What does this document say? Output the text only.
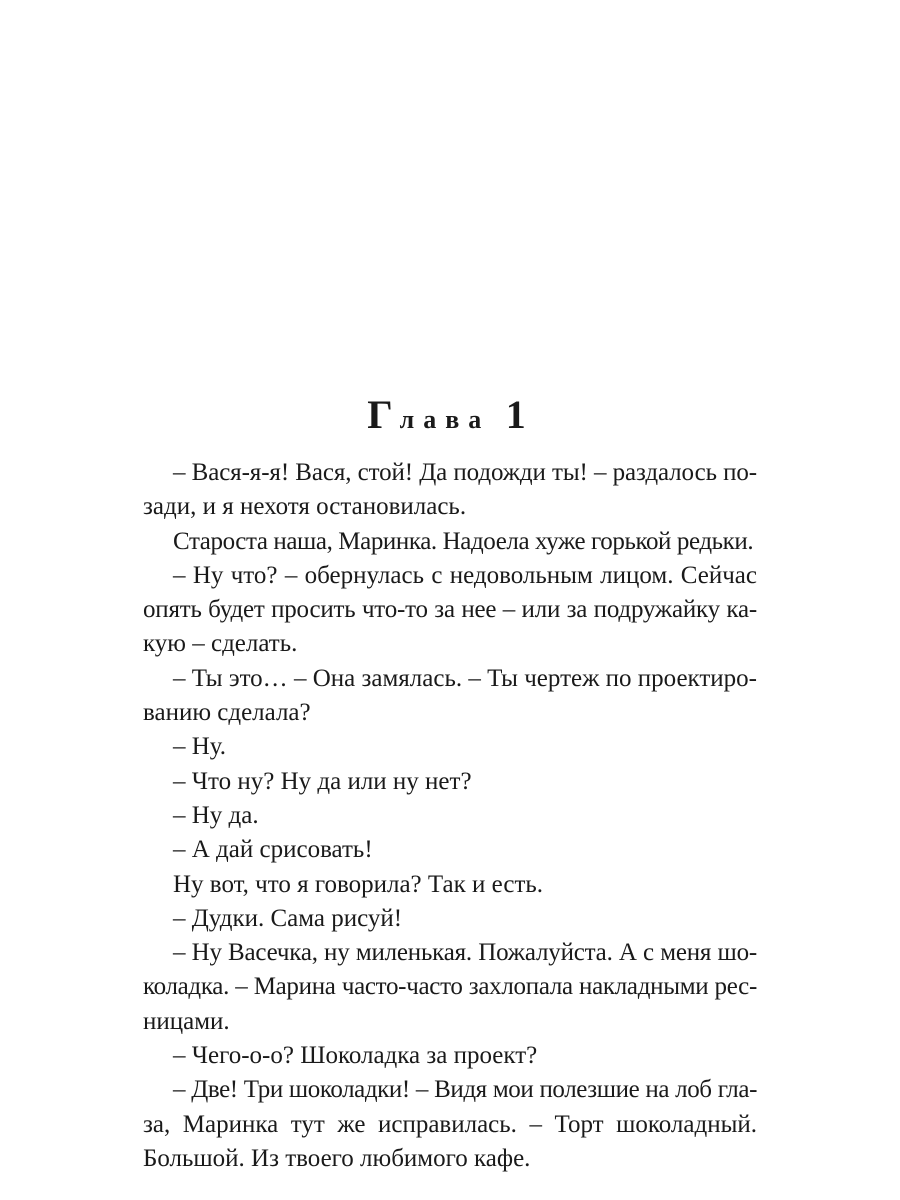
Глава 1
– Вася-я-я! Вася, стой! Да подожди ты! – раздалось по-
зади, и я нехотя остановилась.
Староста наша, Маринка. Надоела хуже горькой редьки.
– Ну что? – обернулась с недовольным лицом. Сейчас
опять будет просить что-то за нее – или за подружайку ка-
кую – сделать.
– Ты это… – Она замялась. – Ты чертеж по проектиро-
ванию сделала?
– Ну.
– Что ну? Ну да или ну нет?
– Ну да.
– А дай срисовать!
Ну вот, что я говорила? Так и есть.
– Дудки. Сама рисуй!
– Ну Васечка, ну миленькая. Пожалуйста. А с меня шо-
коладка. – Марина часто-часто захлопала накладными рес-
ницами.
– Чего-о-о? Шоколадка за проект?
– Две! Три шоколадки! – Видя мои полезшие на лоб гла-
за, Маринка тут же исправилась. – Торт шоколадный.
Большой. Из твоего любимого кафе.
